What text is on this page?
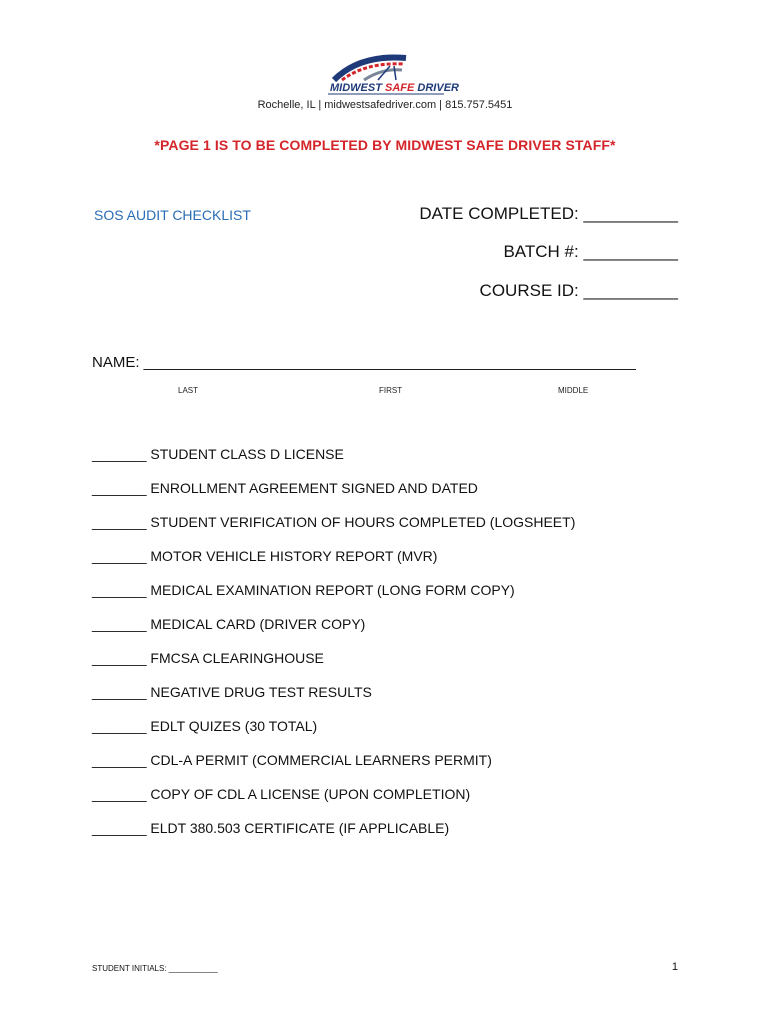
MIDWEST SAFE DRIVER
Rochelle, IL | midwestsafedriver.com | 815.757.5451
*PAGE 1 IS TO BE COMPLETED BY MIDWEST SAFE DRIVER STAFF*
SOS AUDIT CHECKLIST	DATE COMPLETED: __________
BATCH #: __________
COURSE ID: __________
NAME: ___________________________________________________________
LAST	FIRST	MIDDLE
_______ STUDENT CLASS D LICENSE
_______ ENROLLMENT AGREEMENT SIGNED AND DATED
_______ STUDENT VERIFICATION OF HOURS COMPLETED (LOGSHEET)
_______ MOTOR VEHICLE HISTORY REPORT (MVR)
_______ MEDICAL EXAMINATION REPORT (LONG FORM COPY)
_______ MEDICAL CARD (DRIVER COPY)
_______ FMCSA CLEARINGHOUSE
_______ NEGATIVE DRUG TEST RESULTS
_______ EDLT QUIZES (30 TOTAL)
_______ CDL-A PERMIT (COMMERCIAL LEARNERS PERMIT)
_______ COPY OF CDL A LICENSE (UPON COMPLETION)
_______ ELDT 380.503 CERTIFICATE (IF APPLICABLE)
STUDENT INITIALS: ___________	1
